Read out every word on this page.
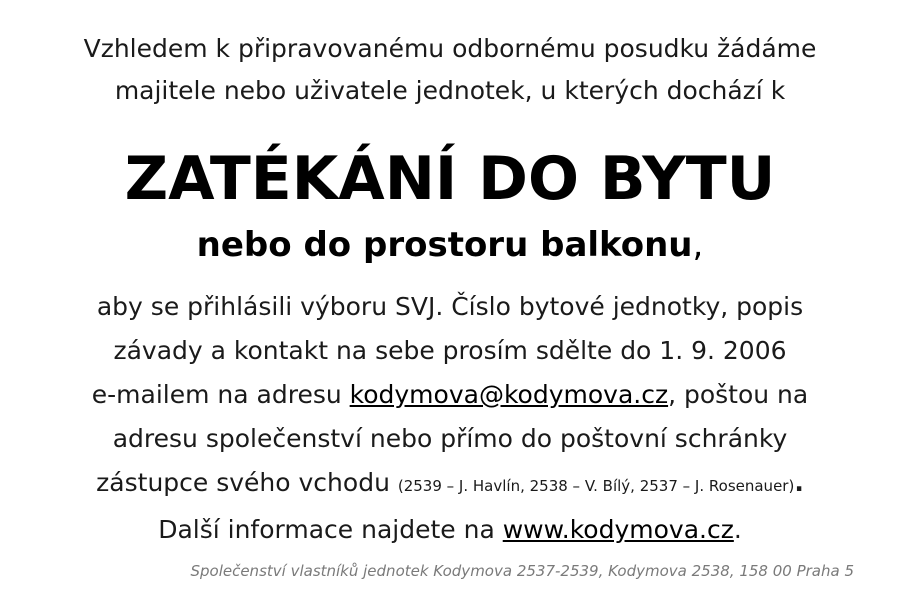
Vzhledem k připravovanému odbornému posudku žádáme
majitele nebo uživatele jednotek, u kterých dochází k
ZATÉKÁNÍ DO BYTU
nebo do prostoru balkonu,
aby se přihlásili výboru SVJ. Číslo bytové jednotky, popis
závady a kontakt na sebe prosím sdělte do 1. 9. 2006
e-mailem na adresu kodymova@kodymova.cz, poštou na
adresu společenství nebo přímo do poštovní schránky
zástupce svého vchodu (2539 – J. Havlín, 2538 – V. Bílý, 2537 – J. Rosenauer).
Další informace najdete na www.kodymova.cz.
Společenství vlastníků jednotek Kodymova 2537-2539, Kodymova 2538, 158 00 Praha 5
